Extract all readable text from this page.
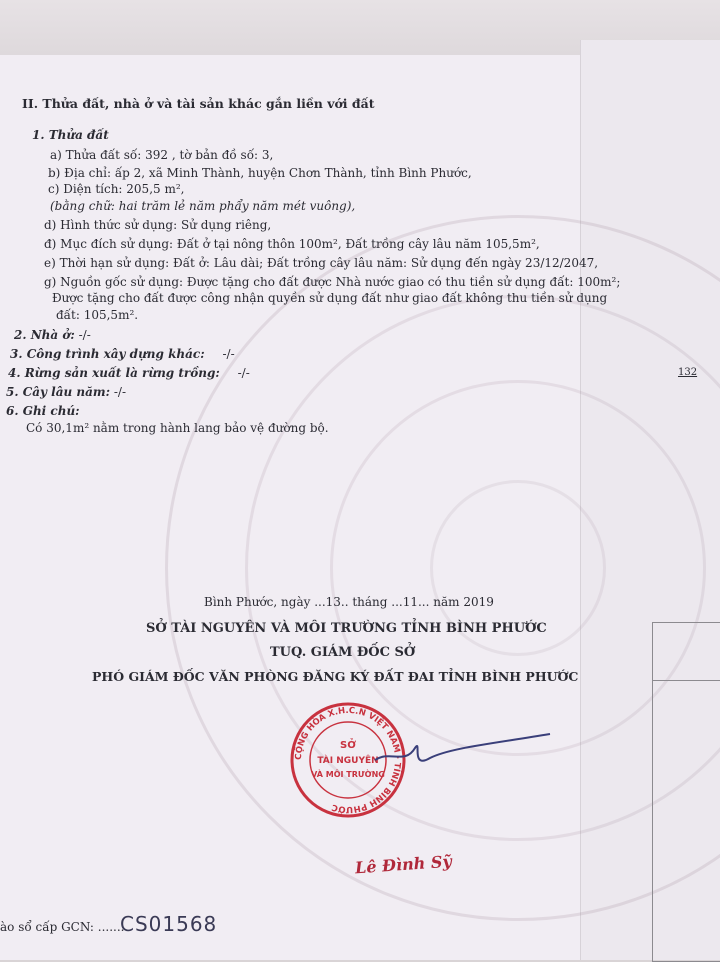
II. Thửa đất, nhà ở và tài sản khác gắn liền với đất
1. Thửa đất
a) Thửa đất số: 392 , tờ bản đồ số: 3,
b) Địa chỉ: ấp 2, xã Minh Thành, huyện Chơn Thành, tỉnh Bình Phước,
c) Diện tích: 205,5 m²,
(bằng chữ: hai trăm lẻ năm phẩy năm mét vuông),
d) Hình thức sử dụng: Sử dụng riêng,
đ) Mục đích sử dụng: Đất ở tại nông thôn 100m², Đất trồng cây lâu năm 105,5m²,
e) Thời hạn sử dụng: Đất ở: Lâu dài; Đất trồng cây lâu năm: Sử dụng đến ngày 23/12/2047,
g) Nguồn gốc sử dụng: Được tặng cho đất được Nhà nước giao có thu tiền sử dụng đất: 100m²;
Được tặng cho đất được công nhận quyền sử dụng đất như giao đất không thu tiền sử dụng
đất: 105,5m².
2. Nhà ở: -/-
3. Công trình xây dựng khác: -/-
4. Rừng sản xuất là rừng trồng: -/-
5. Cây lâu năm: -/-
6. Ghi chú:
Có 30,1m² nằm trong hành lang bảo vệ đường bộ.
132
Bình Phước, ngày ...13.. tháng ...11... năm 2019
SỞ TÀI NGUYÊN VÀ MÔI TRƯỜNG TỈNH BÌNH PHƯỚC
TUQ. GIÁM ĐỐC SỞ
PHÓ GIÁM ĐỐC VĂN PHÒNG ĐĂNG KÝ ĐẤT ĐAI TỈNH BÌNH PHƯỚC
CỘNG HÒA X.H.C.N VIỆT NAM · TỈNH BÌNH PHƯỚC
SỞ
TÀI NGUYÊN
VÀ MÔI TRƯỜNG
Lê Đình Sỹ
ào sổ cấp GCN: ........
CS01568
